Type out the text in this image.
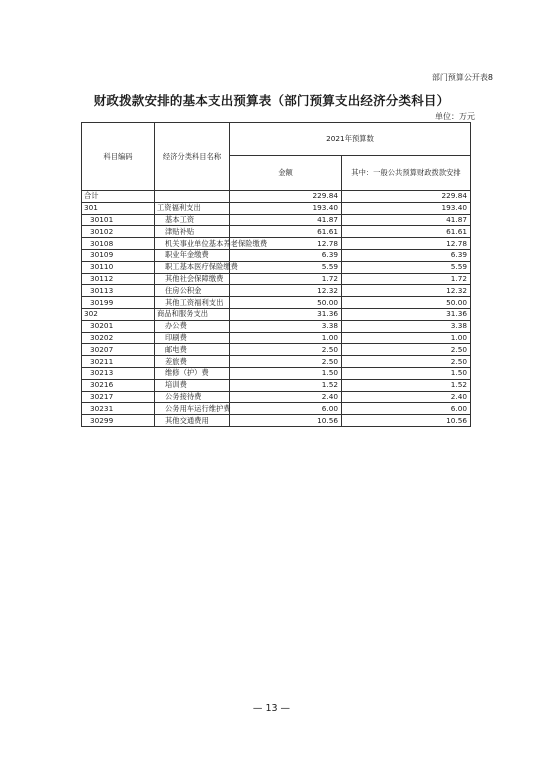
部门预算公开表8
财政拨款安排的基本支出预算表（部门预算支出经济分类科目）
单位：万元
科目编码	经济分类科目名称	2021年预算数	
		金额	其中：一般公共预算财政拨款安排
合计		229.84	229.84
301	工资福利支出	193.40	193.40
30101	基本工资	41.87	41.87
30102	津贴补贴	61.61	61.61
30108	机关事业单位基本养老保险缴费	12.78	12.78
30109	职业年金缴费	6.39	6.39
30110	职工基本医疗保险缴费	5.59	5.59
30112	其他社会保障缴费	1.72	1.72
30113	住房公积金	12.32	12.32
30199	其他工资福利支出	50.00	50.00
302	商品和服务支出	31.36	31.36
30201	办公费	3.38	3.38
30202	印刷费	1.00	1.00
30207	邮电费	2.50	2.50
30211	差旅费	2.50	2.50
30213	维修（护）费	1.50	1.50
30216	培训费	1.52	1.52
30217	公务接待费	2.40	2.40
30231	公务用车运行维护费	6.00	6.00
30299	其他交通费用	10.56	10.56
— 13 —
